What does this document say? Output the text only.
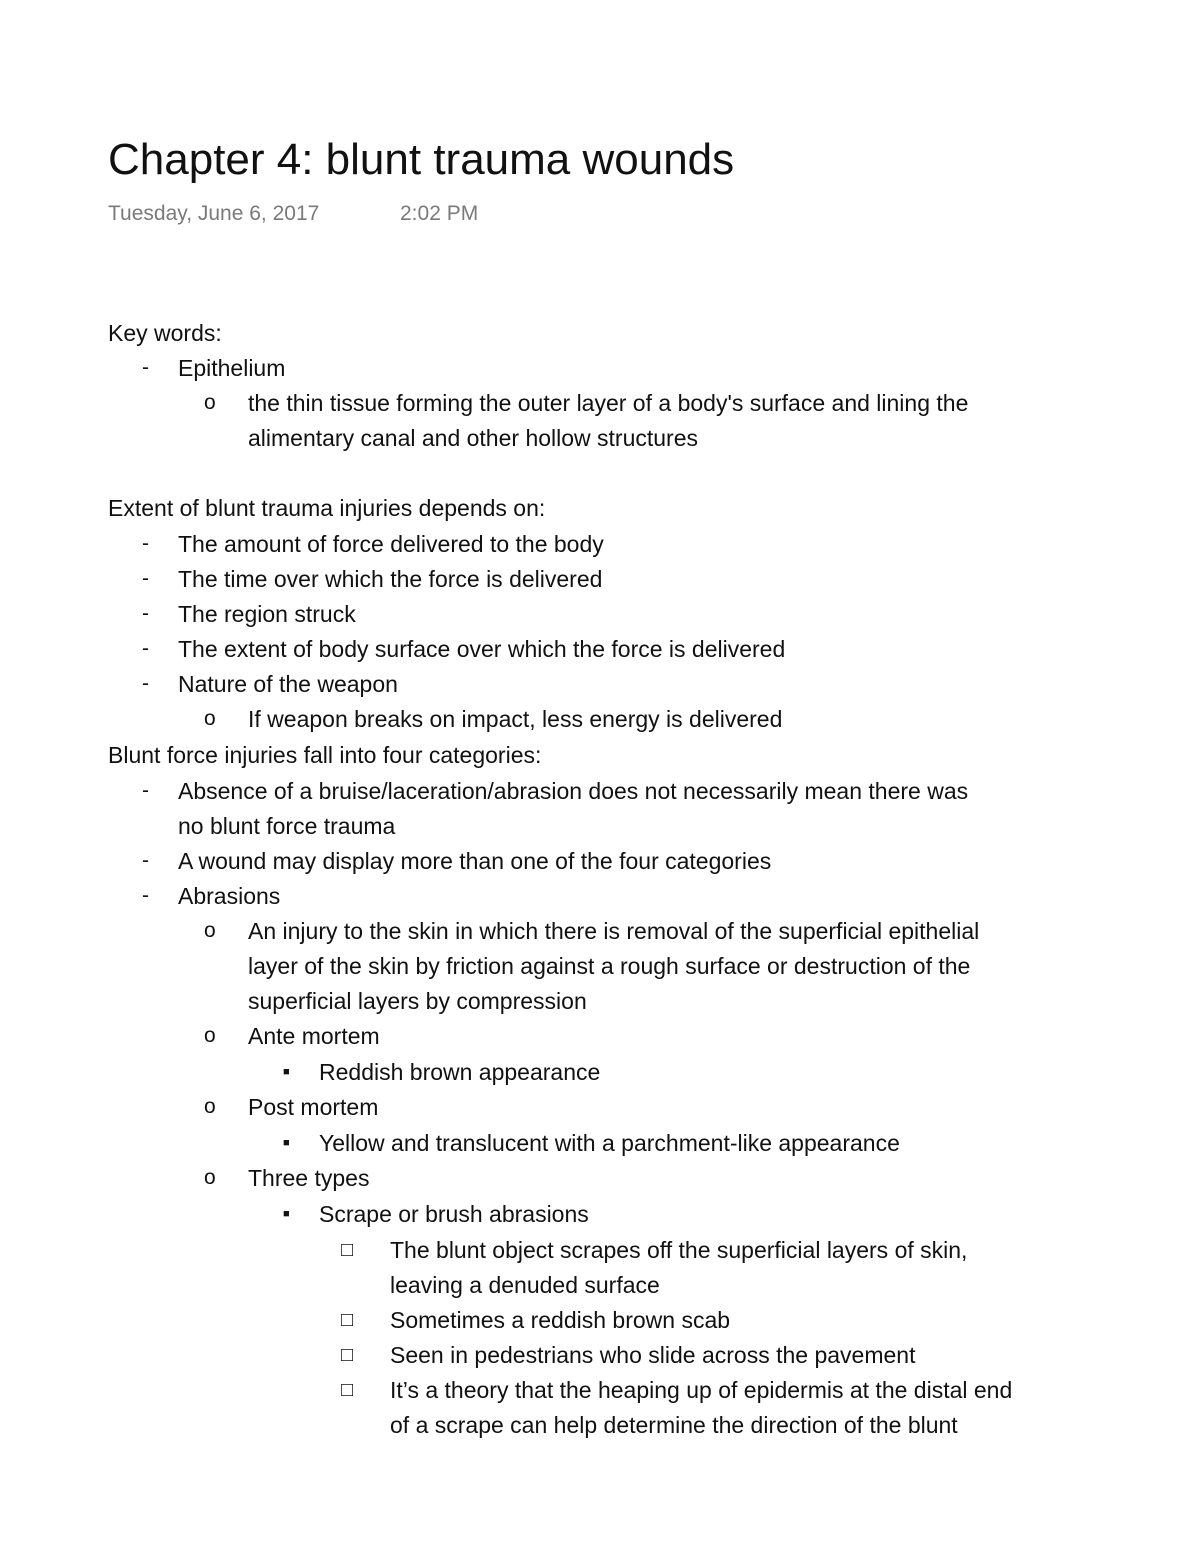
Chapter 4: blunt trauma wounds
Tuesday, June 6, 2017	2:02 PM
Key words:
- Epithelium
o the thin tissue forming the outer layer of a body's surface and lining the
alimentary canal and other hollow structures
Extent of blunt trauma injuries depends on:
- The amount of force delivered to the body
- The time over which the force is delivered
- The region struck
- The extent of body surface over which the force is delivered
- Nature of the weapon
o If weapon breaks on impact, less energy is delivered
Blunt force injuries fall into four categories:
- Absence of a bruise/laceration/abrasion does not necessarily mean there was
no blunt force trauma
- A wound may display more than one of the four categories
- Abrasions
o An injury to the skin in which there is removal of the superficial epithelial
layer of the skin by friction against a rough surface or destruction of the
superficial layers by compression
o Ante mortem
■ Reddish brown appearance
o Post mortem
■ Yellow and translucent with a parchment-like appearance
o Three types
■ Scrape or brush abrasions
□ The blunt object scrapes off the superficial layers of skin,
leaving a denuded surface
□ Sometimes a reddish brown scab
□ Seen in pedestrians who slide across the pavement
□ It’s a theory that the heaping up of epidermis at the distal end
of a scrape can help determine the direction of the blunt
